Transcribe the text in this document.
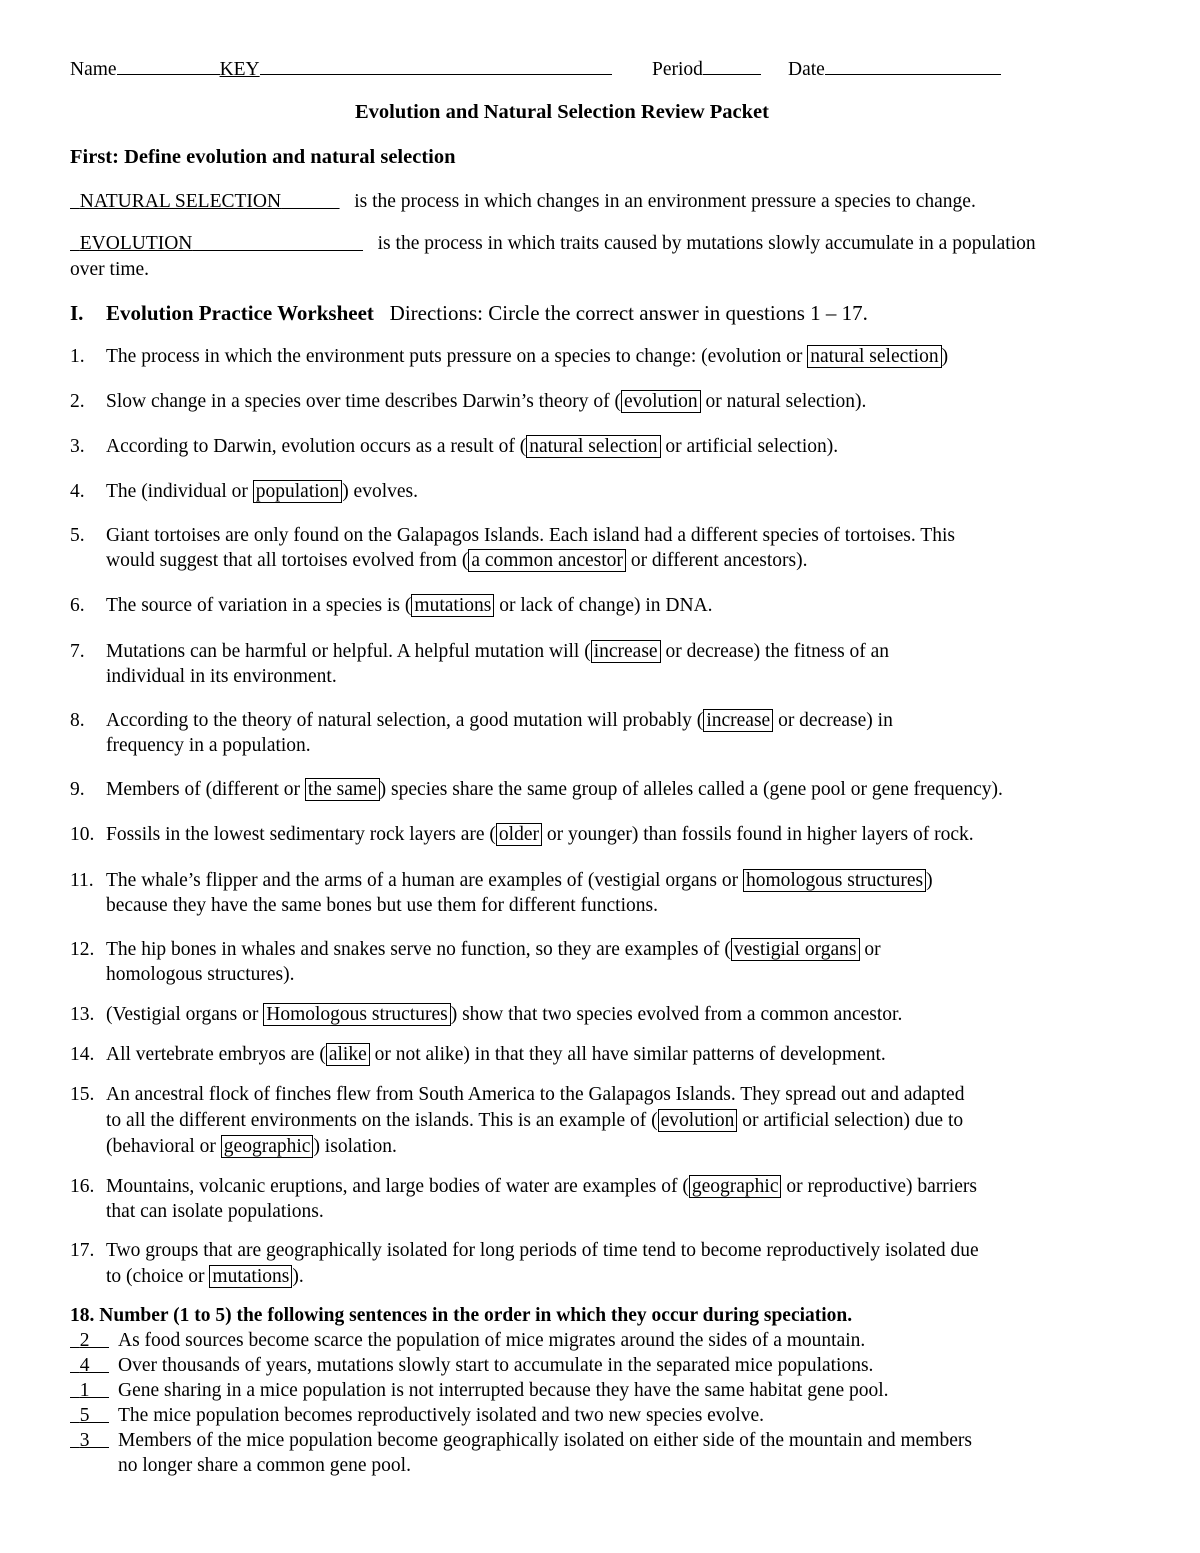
Name	KEY	Period	Date
Evolution and Natural Selection Review Packet
First: Define evolution and natural selection
NATURAL SELECTION	is the process in which changes in an environment pressure a species to change.
EVOLUTION	is the process in which traits caused by mutations slowly accumulate in a population
over time.
I. Evolution Practice Worksheet Directions: Circle the correct answer in questions 1 – 17.
1. The process in which the environment puts pressure on a species to change: (evolution or natural selection )
2. Slow change in a species over time describes Darwin’s theory of ( evolution or natural selection).
3. According to Darwin, evolution occurs as a result of ( natural selection or artificial selection).
4. The (individual or population ) evolves.
5. Giant tortoises are only found on the Galapagos Islands. Each island had a different species of tortoises. This
would suggest that all tortoises evolved from ( a common ancestor or different ancestors).
6. The source of variation in a species is ( mutations or lack of change) in DNA.
7. Mutations can be harmful or helpful. A helpful mutation will ( increase or decrease) the fitness of an
individual in its environment.
8. According to the theory of natural selection, a good mutation will probably ( increase or decrease) in
frequency in a population.
9. Members of (different or the same ) species share the same group of alleles called a (gene pool or gene frequency).
10. Fossils in the lowest sedimentary rock layers are ( older or younger) than fossils found in higher layers of rock.
11. The whale’s flipper and the arms of a human are examples of (vestigial organs or homologous structures )
because they have the same bones but use them for different functions.
12. The hip bones in whales and snakes serve no function, so they are examples of ( vestigial organs or
homologous structures).
13. (Vestigial organs or Homologous structures ) show that two species evolved from a common ancestor.
14. All vertebrate embryos are ( alike or not alike) in that they all have similar patterns of development.
15. An ancestral flock of finches flew from South America to the Galapagos Islands. They spread out and adapted
to all the different environments on the islands. This is an example of ( evolution or artificial selection) due to
(behavioral or geographic ) isolation.
16. Mountains, volcanic eruptions, and large bodies of water are examples of ( geographic or reproductive) barriers
that can isolate populations.
17. Two groups that are geographically isolated for long periods of time tend to become reproductively isolated due
to (choice or mutations ).
18. Number (1 to 5) the following sentences in the order in which they occur during speciation.
2 As food sources become scarce the population of mice migrates around the sides of a mountain.
4 Over thousands of years, mutations slowly start to accumulate in the separated mice populations.
1 Gene sharing in a mice population is not interrupted because they have the same habitat gene pool.
5 The mice population becomes reproductively isolated and two new species evolve.
3 Members of the mice population become geographically isolated on either side of the mountain and members
no longer share a common gene pool.
